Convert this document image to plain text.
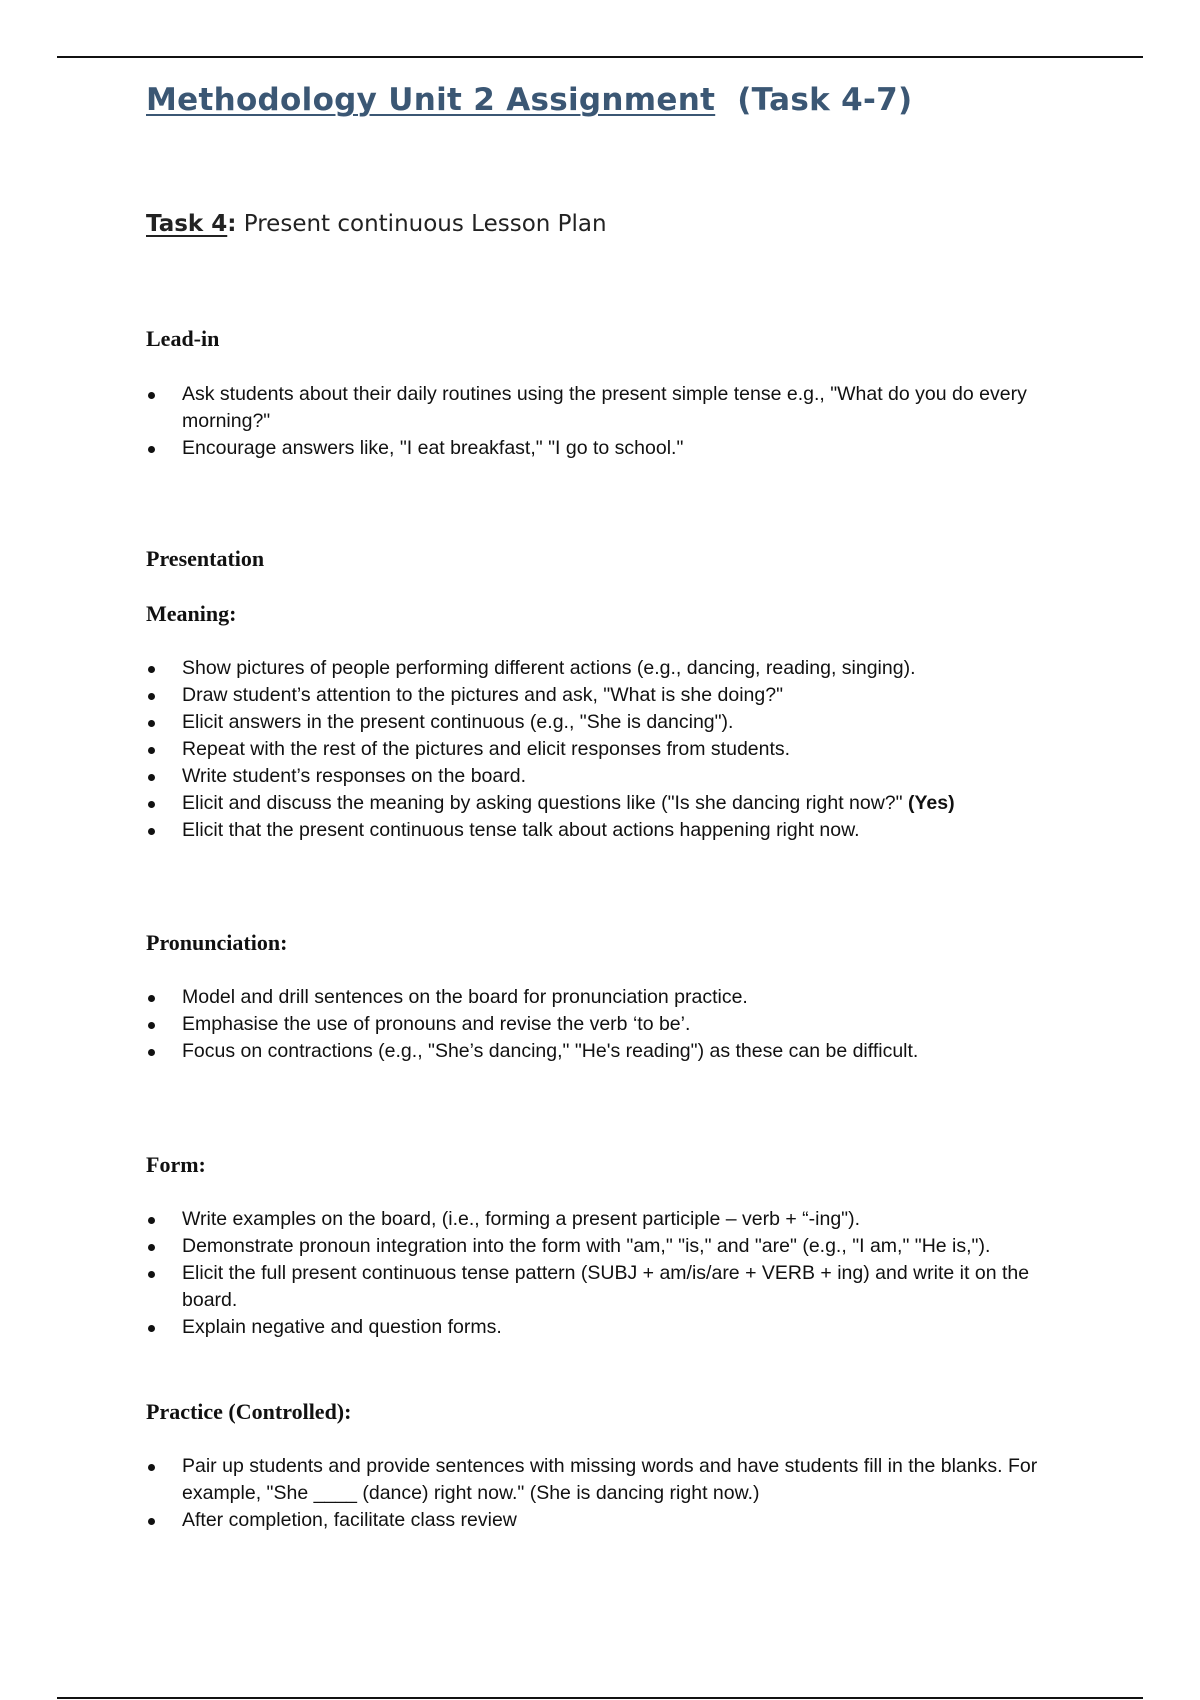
Methodology Unit 2 Assignment (Task 4-7)
Task 4: Present continuous Lesson Plan
Lead-in
Ask students about their daily routines using the present simple tense e.g., "What do you do every morning?"
Encourage answers like, "I eat breakfast," "I go to school."
Presentation
Meaning:
Show pictures of people performing different actions (e.g., dancing, reading, singing).
Draw student’s attention to the pictures and ask, "What is she doing?"
Elicit answers in the present continuous (e.g., "She is dancing").
Repeat with the rest of the pictures and elicit responses from students.
Write student’s responses on the board.
Elicit and discuss the meaning by asking questions like ("Is she dancing right now?" (Yes)
Elicit that the present continuous tense talk about actions happening right now.
Pronunciation:
Model and drill sentences on the board for pronunciation practice.
Emphasise the use of pronouns and revise the verb ‘to be’.
Focus on contractions (e.g., "She’s dancing," "He's reading") as these can be difficult.
Form:
Write examples on the board, (i.e., forming a present participle – verb + “-ing").
Demonstrate pronoun integration into the form with "am," "is," and "are" (e.g., "I am," "He is,").
Elicit the full present continuous tense pattern (SUBJ + am/is/are + VERB + ing) and write it on the board.
Explain negative and question forms.
Practice (Controlled):
Pair up students and provide sentences with missing words and have students fill in the blanks. For example, "She ____ (dance) right now." (She is dancing right now.)
After completion, facilitate class review
